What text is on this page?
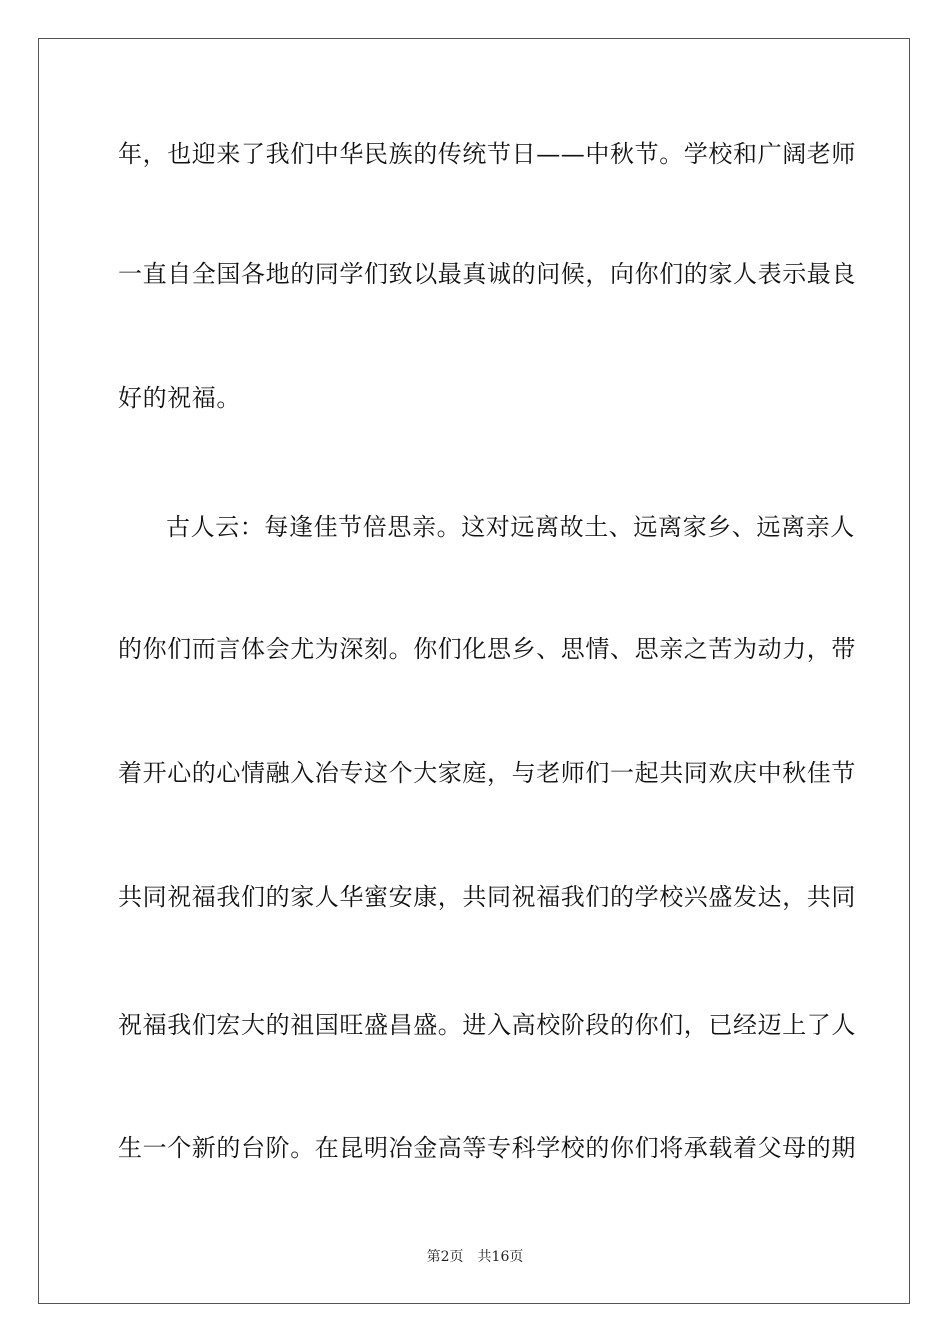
年，也迎来了我们中华民族的传统节日——中秋节。学校和广阔老师
一直自全国各地的同学们致以最真诚的问候，向你们的家人表示最良
好的祝福。
古人云：每逢佳节倍思亲。这对远离故土、远离家乡、远离亲人
的你们而言体会尤为深刻。你们化思乡、思情、思亲之苦为动力，带
着开心的心情融入冶专这个大家庭，与老师们一起共同欢庆中秋佳节
共同祝福我们的家人华蜜安康，共同祝福我们的学校兴盛发达，共同
祝福我们宏大的祖国旺盛昌盛。进入高校阶段的你们，已经迈上了人
生一个新的台阶。在昆明冶金高等专科学校的你们将承载着父母的期
第2页 共16页
